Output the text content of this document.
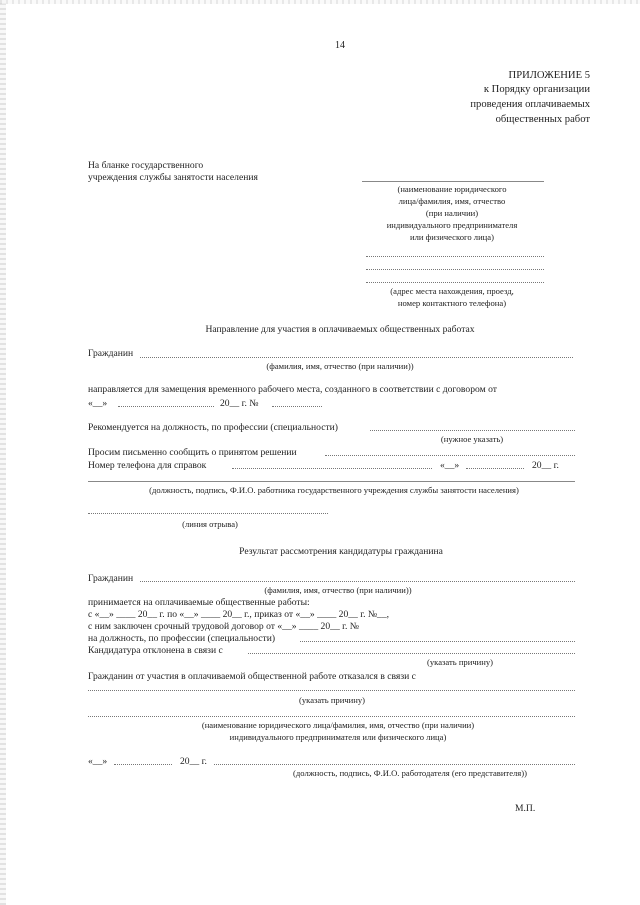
14
ПРИЛОЖЕНИЕ 5
к Порядку организации
проведения оплачиваемых
общественных работ
На бланке государственного
учреждения службы занятости населения
(наименование юридического
лица/фамилия, имя, отчество
(при наличии)
индивидуального предпринимателя
или физического лица)
(адрес места нахождения, проезд,
номер контактного телефона)
Направление для участия в оплачиваемых общественных работах
Гражданин
(фамилия, имя, отчество (при наличии))
направляется для замещения временного рабочего места, созданного в соответствии с договором от
«__»	20__ г. №
Рекомендуется на должность, по профессии (специальности)
(нужное указать)
Просим письменно сообщить о принятом решении
Номер телефона для справок	«__»	20__ г.
(должность, подпись, Ф.И.О. работника государственного учреждения службы занятости населения)
(линия отрыва)
Результат рассмотрения кандидатуры гражданина
Гражданин
(фамилия, имя, отчество (при наличии))
принимается на оплачиваемые общественные работы:
с «__» ____ 20__ г. по «__» ____ 20__ г., приказ от «__» ____ 20__ г. №__,
с ним заключен срочный трудовой договор от «__» ____ 20__ г. №
на должность, по профессии (специальности)
Кандидатура отклонена в связи с
(указать причину)
Гражданин от участия в оплачиваемой общественной работе отказался в связи с
(указать причину)
(наименование юридического лица/фамилия, имя, отчество (при наличии)
индивидуального предпринимателя или физического лица)
«__»	20__ г.
(должность, подпись, Ф.И.О. работодателя (его представителя))
М.П.
